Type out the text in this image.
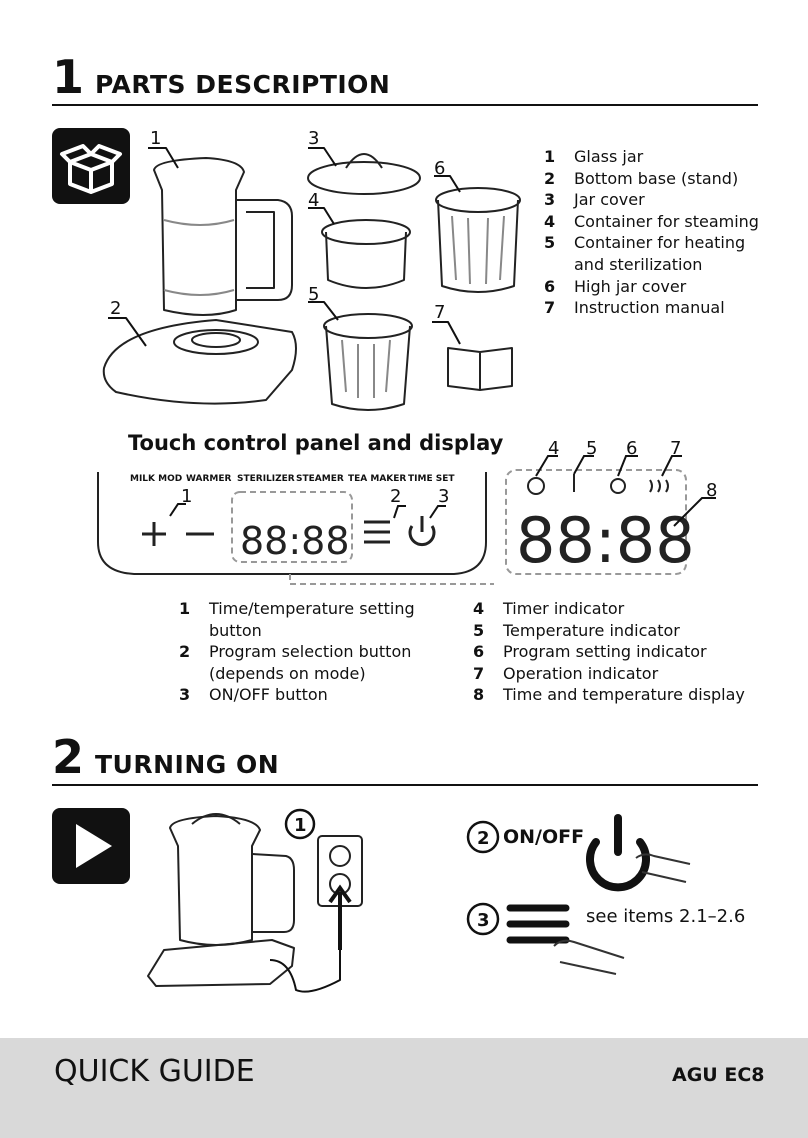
1 PARTS DESCRIPTION
1	3
4
5
6
7
2
1	Glass jar
2	Bottom base (stand)
3	Jar cover
4	Container for steaming
5	Container for heating and sterilization
6	High jar cover
7	Instruction manual
Touch control panel and display
MILK MOD WARMER STERILIZER STEAMER TEA MAKER TIME SET
88:88
1	2 3
88:88
4 5 6 7
8
1	Time/temperature setting button
2	Program selection button (depends on mode)
3	ON/OFF button
4	Timer indicator
5	Temperature indicator
6	Program setting indicator
7	Operation indicator
8	Time and temperature display
2 TURNING ON
1
2 ON/OFF
3	see items 2.1–2.6
QUICK GUIDE	AGU EC8
